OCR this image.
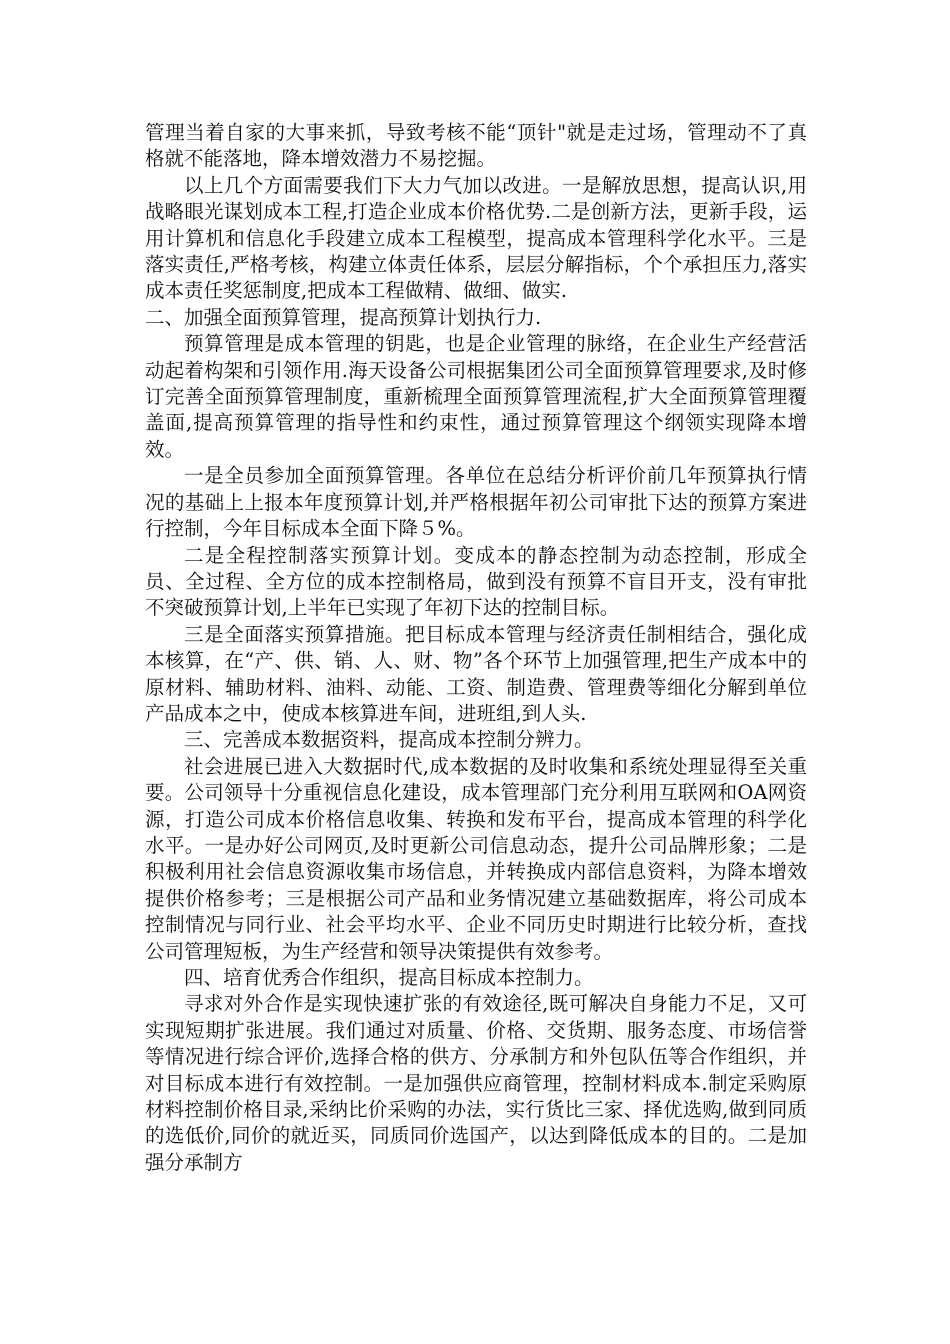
管理当着自家的大事来抓，导致考核不能“顶针"就是走过场，管理动不了真格就不能落地，降本增效潜力不易挖掘。

以上几个方面需要我们下大力气加以改进。一是解放思想，提高认识,用战略眼光谋划成本工程,打造企业成本价格优势.二是创新方法，更新手段，运用计算机和信息化手段建立成本工程模型，提高成本管理科学化水平。三是落实责任,严格考核，构建立体责任体系，层层分解指标，个个承担压力,落实成本责任奖惩制度,把成本工程做精、做细、做实.

二、加强全面预算管理，提高预算计划执行力.

预算管理是成本管理的钥匙，也是企业管理的脉络，在企业生产经营活动起着构架和引领作用.海天设备公司根据集团公司全面预算管理要求,及时修订完善全面预算管理制度，重新梳理全面预算管理流程,扩大全面预算管理覆盖面,提高预算管理的指导性和约束性，通过预算管理这个纲领实现降本增效。

一是全员参加全面预算管理。各单位在总结分析评价前几年预算执行情况的基础上上报本年度预算计划,并严格根据年初公司审批下达的预算方案进行控制，今年目标成本全面下降５%。

二是全程控制落实预算计划。变成本的静态控制为动态控制，形成全员、全过程、全方位的成本控制格局，做到没有预算不盲目开支，没有审批不突破预算计划,上半年已实现了年初下达的控制目标。

三是全面落实预算措施。把目标成本管理与经济责任制相结合，强化成本核算，在“产、供、销、人、财、物”各个环节上加强管理,把生产成本中的原材料、辅助材料、油料、动能、工资、制造费、管理费等细化分解到单位产品成本之中，使成本核算进车间，进班组,到人头.

三、完善成本数据资料，提高成本控制分辨力。

社会进展已进入大数据时代,成本数据的及时收集和系统处理显得至关重要。公司领导十分重视信息化建设，成本管理部门充分利用互联网和OA网资源，打造公司成本价格信息收集、转换和发布平台，提高成本管理的科学化水平。一是办好公司网页,及时更新公司信息动态，提升公司品牌形象；二是积极利用社会信息资源收集市场信息，并转换成内部信息资料，为降本增效提供价格参考；三是根据公司产品和业务情况建立基础数据库，将公司成本控制情况与同行业、社会平均水平、企业不同历史时期进行比较分析，查找公司管理短板，为生产经营和领导决策提供有效参考。

四、培育优秀合作组织，提高目标成本控制力。

寻求对外合作是实现快速扩张的有效途径,既可解决自身能力不足，又可实现短期扩张进展。我们通过对质量、价格、交货期、服务态度、市场信誉等情况进行综合评价,选择合格的供方、分承制方和外包队伍等合作组织，并对目标成本进行有效控制。一是加强供应商管理，控制材料成本.制定采购原材料控制价格目录,采纳比价采购的办法，实行货比三家、择优选购,做到同质的选低价,同价的就近买，同质同价选国产，以达到降低成本的目的。二是加强分承制方
